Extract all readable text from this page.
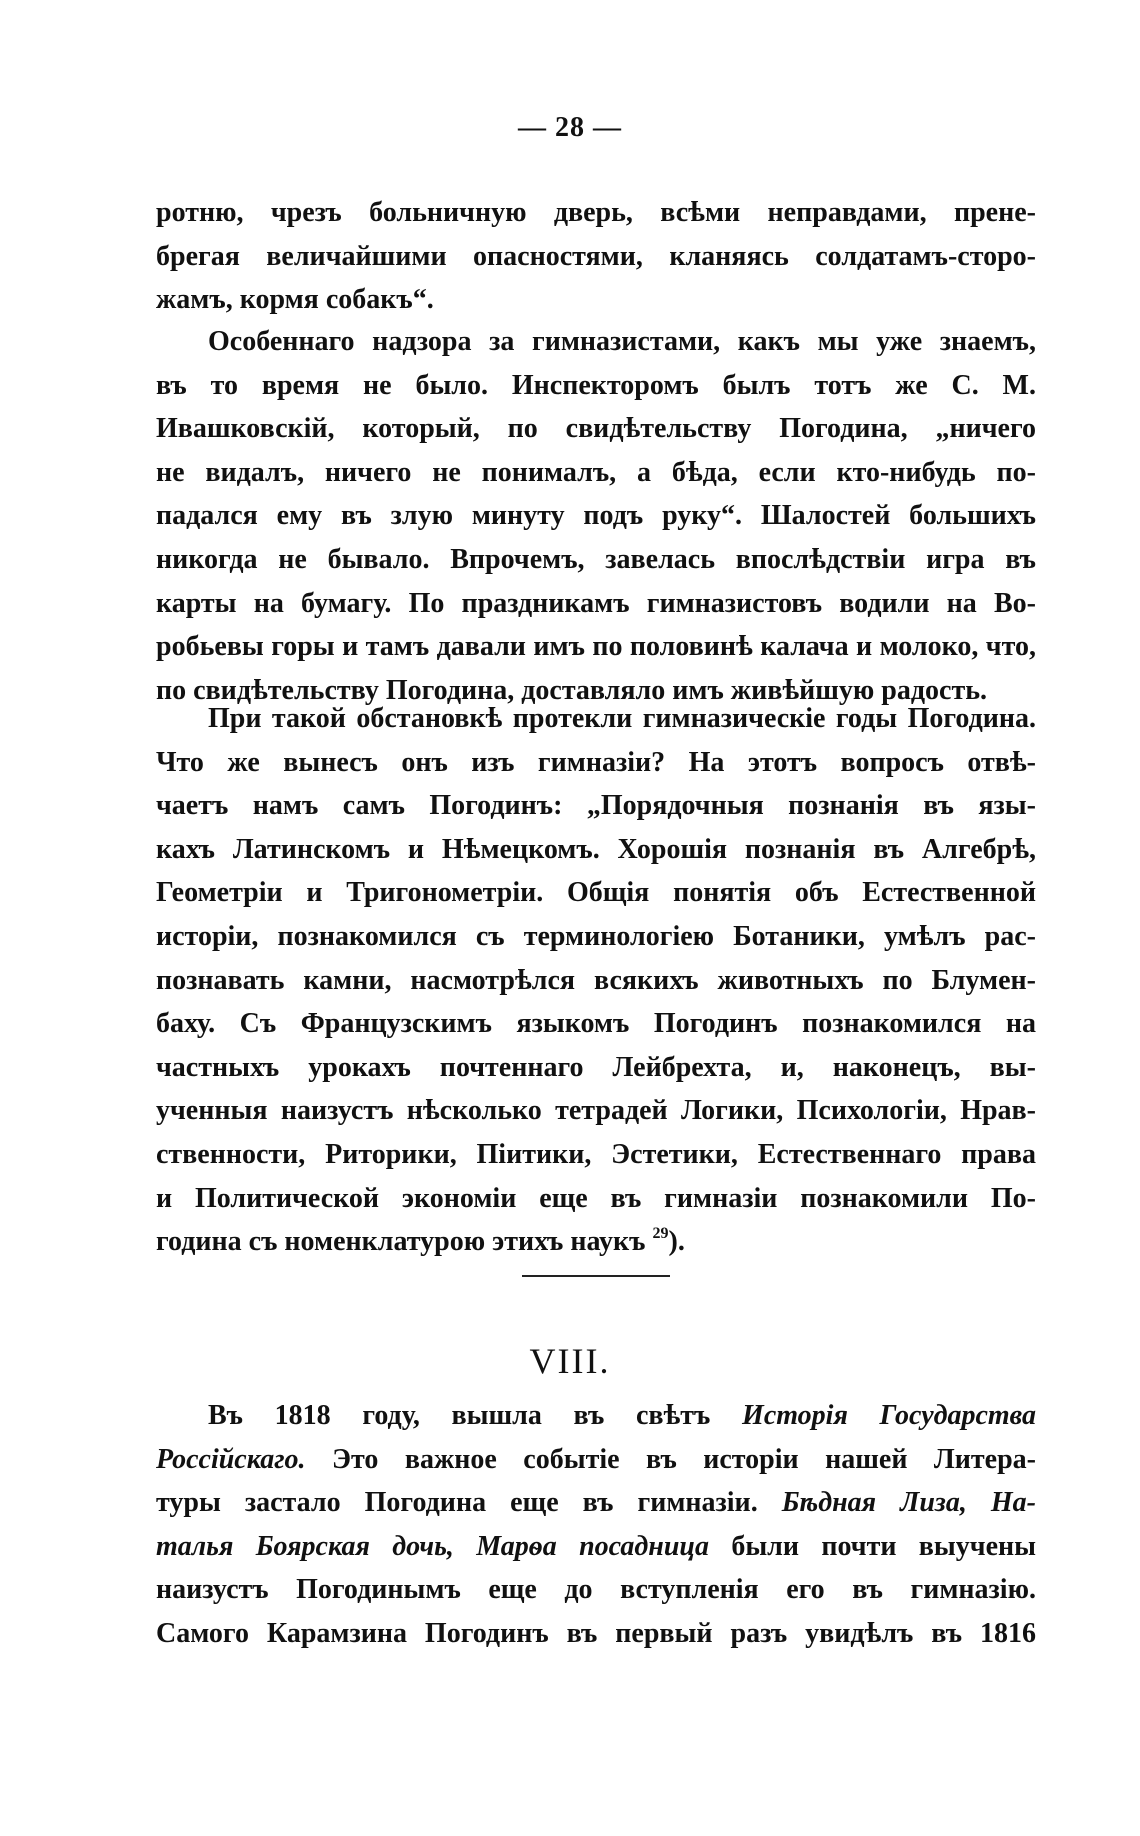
— 28 —
ротню, чрезъ больничную дверь, всѣми неправдами, прене-
брегая величайшими опасностями, кланяясь солдатамъ-сторо-
жамъ, кормя собакъ“.
Особеннаго надзора за гимназистами, какъ мы уже знаемъ,
въ то время не было. Инспекторомъ былъ тотъ же С. М.
Ивашковскій, который, по свидѣтельству Погодина, „ничего
не видалъ, ничего не понималъ, а бѣда, если кто-нибудь по-
падался ему въ злую минуту подъ руку“. Шалостей большихъ
никогда не бывало. Впрочемъ, завелась впослѣдствіи игра въ
карты на бумагу. По праздникамъ гимназистовъ водили на Во-
робьевы горы и тамъ давали имъ по половинѣ калача и молоко, что,
по свидѣтельству Погодина, доставляло имъ живѣйшую радость.
При такой обстановкѣ протекли гимназическіе годы Погодина.
Что же вынесъ онъ изъ гимназіи? На этотъ вопросъ отвѣ-
чаетъ намъ самъ Погодинъ: „Порядочныя познанія въ язы-
кахъ Латинскомъ и Нѣмецкомъ. Хорошія познанія въ Алгебрѣ,
Геометріи и Тригонометріи. Общія понятія объ Естественной
исторіи, познакомился съ терминологіею Ботаники, умѣлъ рас-
познавать камни, насмотрѣлся всякихъ животныхъ по Блумен-
баху. Съ Французскимъ языкомъ Погодинъ познакомился на
частныхъ урокахъ почтеннаго Лейбрехта, и, наконецъ, вы-
ученныя наизустъ нѣсколько тетрадей Логики, Психологіи, Нрав-
ственности, Риторики, Піитики, Эстетики, Естественнаго права
и Политической экономіи еще въ гимназіи познакомили По-
година съ номенклатурою этихъ наукъ $^{29}$).
VIII.
Въ 1818 году, вышла въ свѣтъ Исторія Государства
Россійскаго. Это важное событіе въ исторіи нашей Литера-
туры застало Погодина еще въ гимназіи. Бѣдная Лиза, На-
талья Боярская дочь, Марѳа посадница были почти выучены
наизустъ Погодинымъ еще до вступленія его въ гимназію.
Самого Карамзина Погодинъ въ первый разъ увидѣлъ въ 1816
